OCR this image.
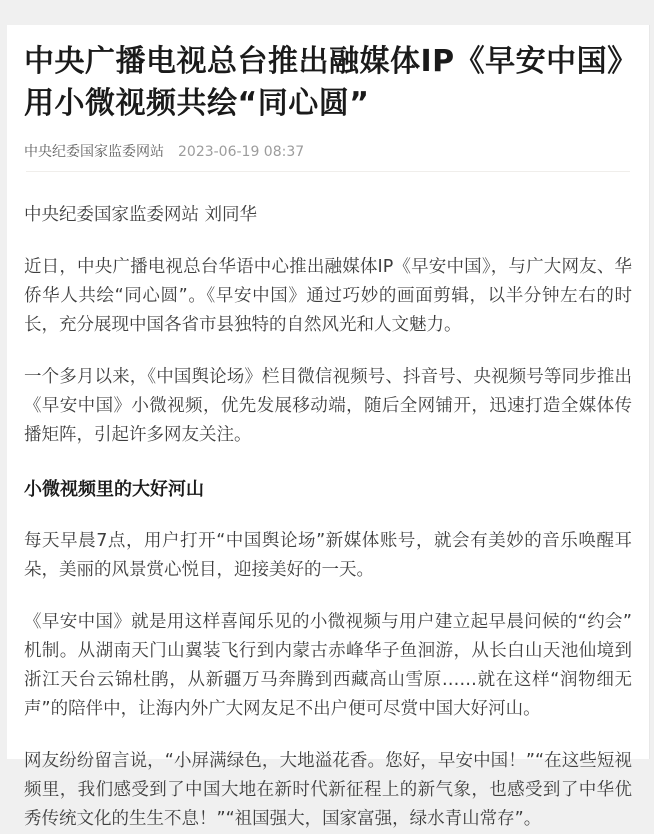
中央广播电视总台推出融媒体IP《早安中国》用小微视频共绘“同心圆”
中央纪委国家监委网站 2023-06-19 08:37

中央纪委国家监委网站 刘同华

近日，中央广播电视总台华语中心推出融媒体IP《早安中国》，与广大网友、华侨华人共绘“同心圆”。《早安中国》通过巧妙的画面剪辑，以半分钟左右的时长，充分展现中国各省市县独特的自然风光和人文魅力。

一个多月以来，《中国舆论场》栏目微信视频号、抖音号、央视频号等同步推出《早安中国》小微视频，优先发展移动端，随后全网铺开，迅速打造全媒体传播矩阵，引起许多网友关注。

小微视频里的大好河山

每天早晨7点，用户打开“中国舆论场”新媒体账号，就会有美妙的音乐唤醒耳朵，美丽的风景赏心悦目，迎接美好的一天。

《早安中国》就是用这样喜闻乐见的小微视频与用户建立起早晨问候的“约会”机制。从湖南天门山翼装飞行到内蒙古赤峰华子鱼洄游，从长白山天池仙境到浙江天台云锦杜鹃，从新疆万马奔腾到西藏高山雪原……就在这样“润物细无声”的陪伴中，让海内外广大网友足不出户便可尽赏中国大好河山。

网友纷纷留言说，“小屏满绿色，大地溢花香。您好，早安中国！”“在这些短视频里，我们感受到了中国大地在新时代新征程上的新气象，也感受到了中华优秀传统文化的生生不息！”“祖国强大，国家富强，绿水青山常存”。
